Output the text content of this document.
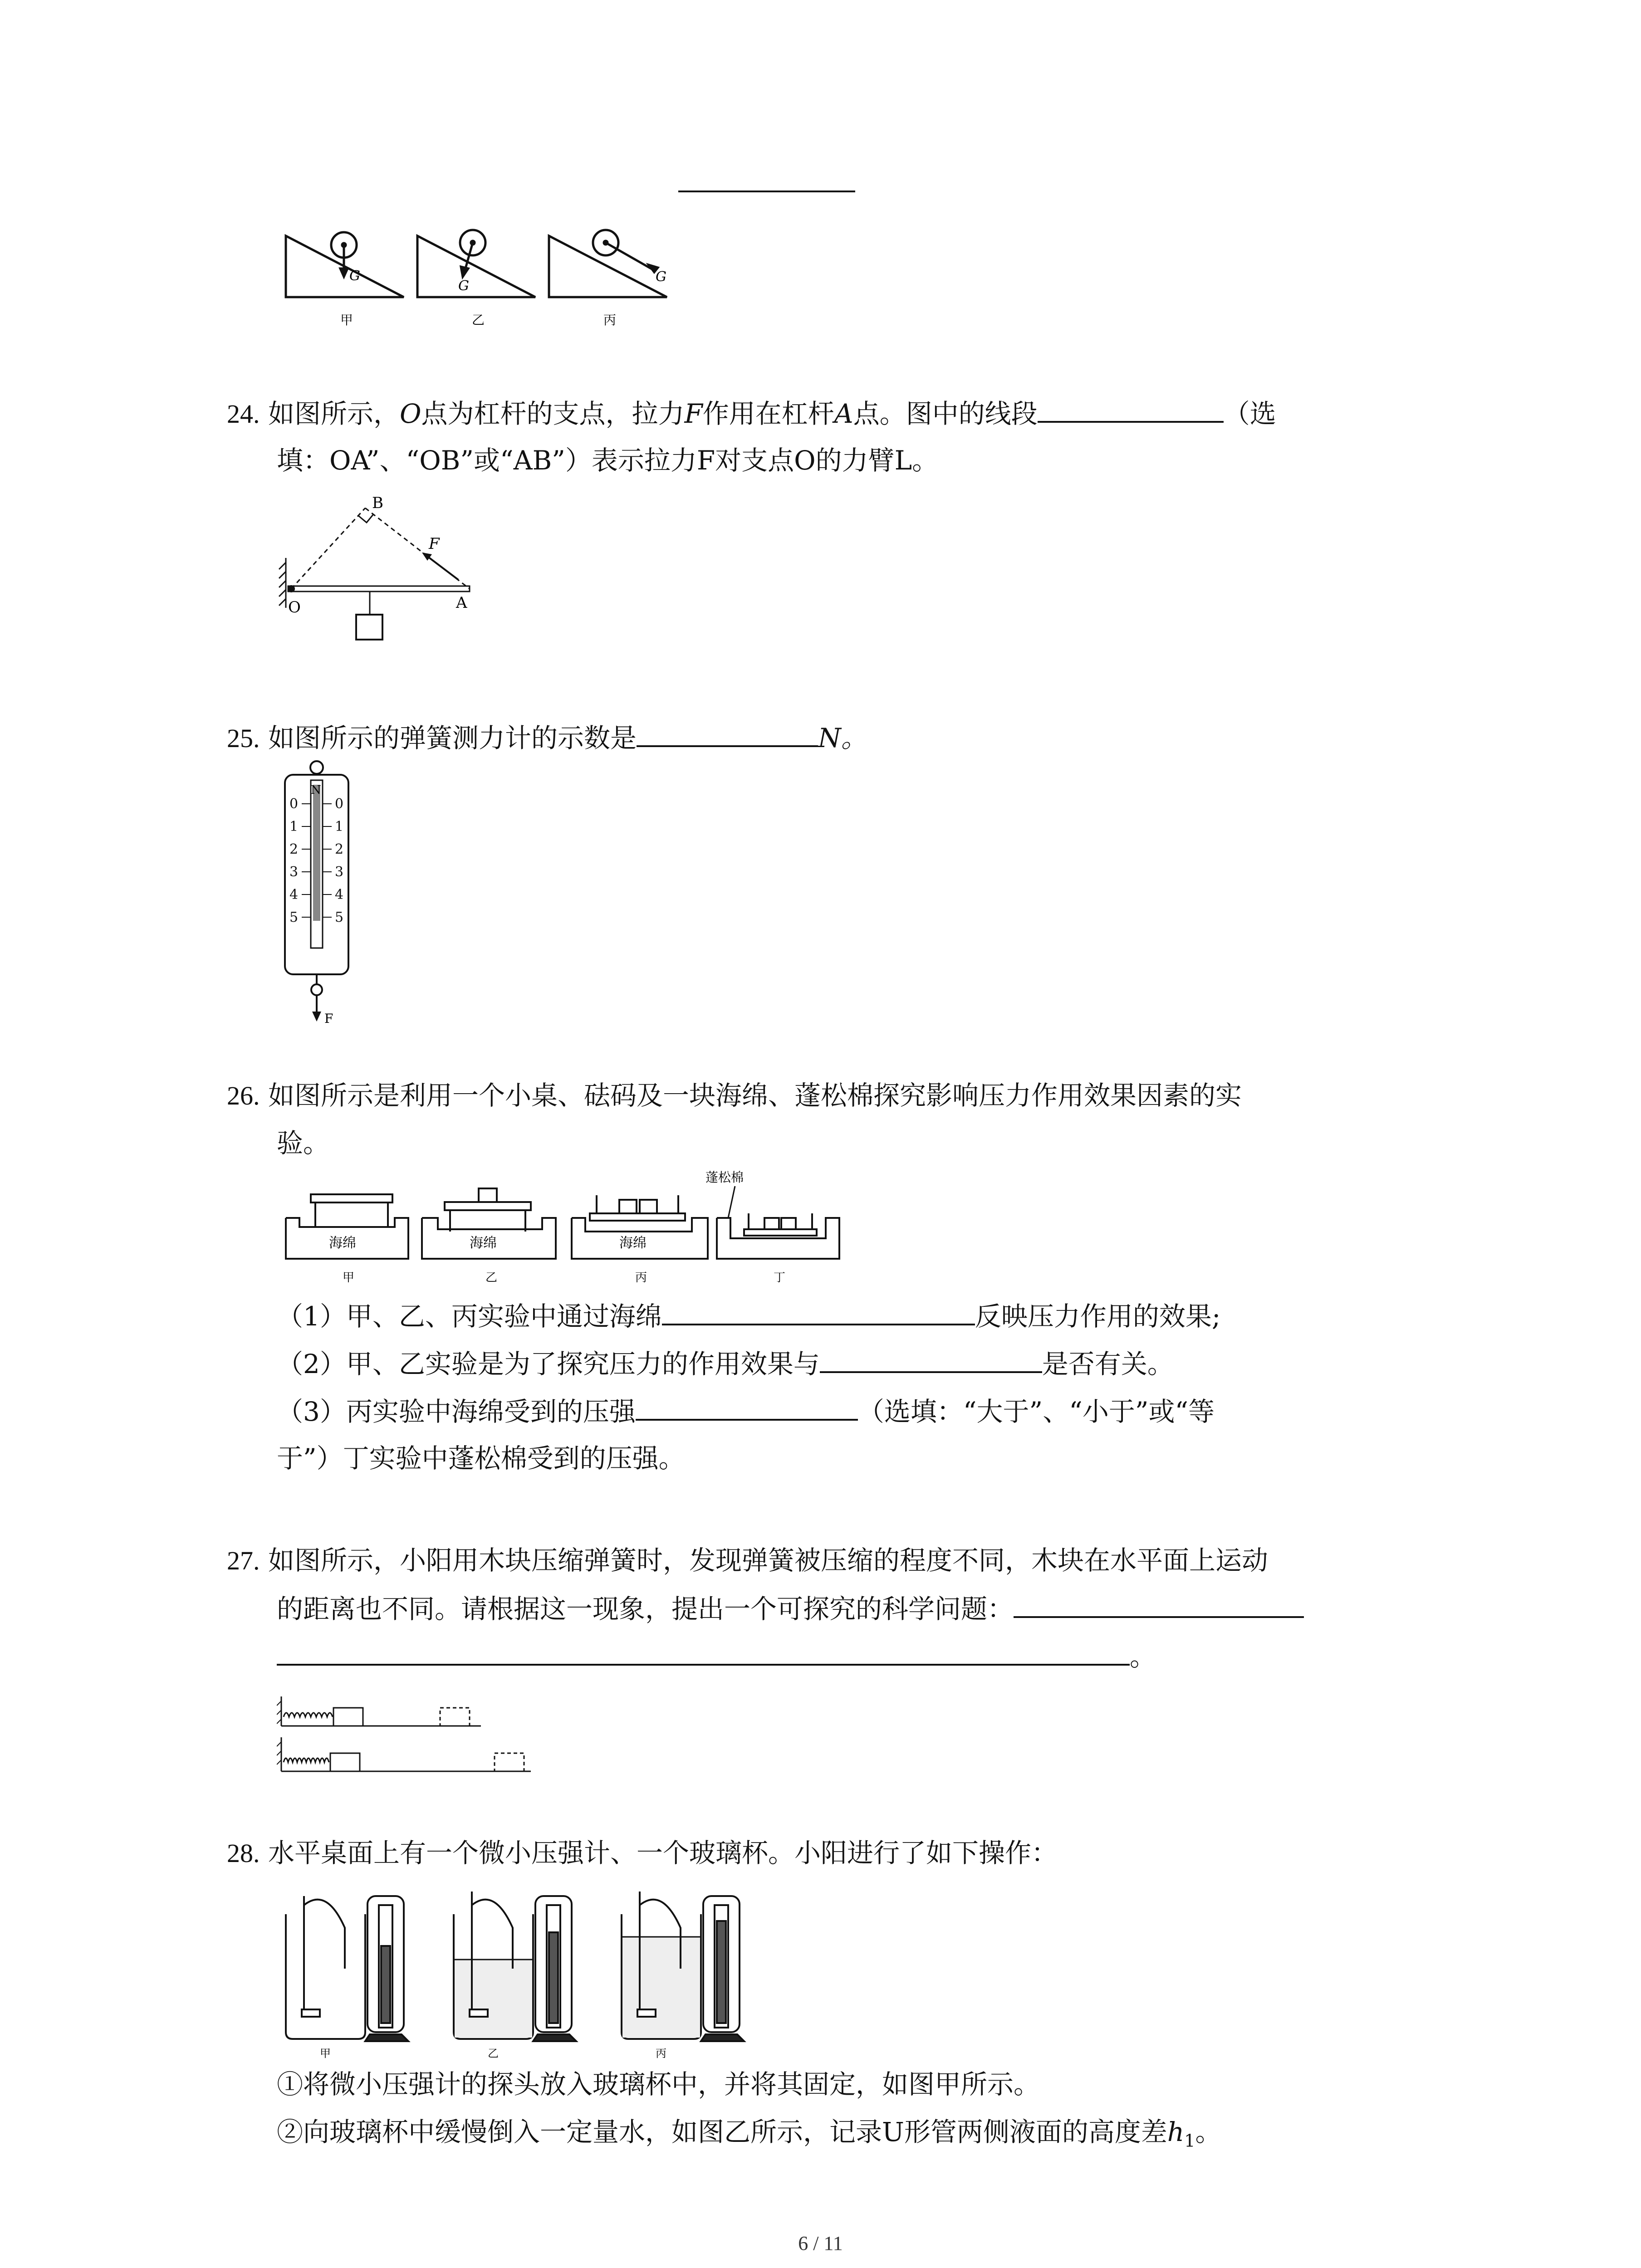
G
甲
G
乙
G
丙
24. 如图所示，O点为杠杆的支点，拉力F作用在杠杆A点。图中的线段	（选
填：OA”、“OB”或“AB”）表示拉力F对支点O的力臂L。
B
F
O	A
25. 如图所示的弹簧测力计的示数是	N。
N
0
1
2
3
4
5
0
1
2
3
4
5
F
26. 如图所示是利用一个小桌、砝码及一块海绵、蓬松棉探究影响压力作用效果因素的实
验。
海绵
甲
海绵
乙
海绵
丙
蓬松棉
丁
（1）甲、乙、丙实验中通过海绵	反映压力作用的效果;
（2）甲、乙实验是为了探究压力的作用效果与	是否有关。
（3）丙实验中海绵受到的压强	（选填：“大于”、“小于”或“等
于”）丁实验中蓬松棉受到的压强。
27. 如图所示，小阳用木块压缩弹簧时，发现弹簧被压缩的程度不同，木块在水平面上运动
的距离也不同。请根据这一现象，提出一个可探究的科学问题：
。
28. 水平桌面上有一个微小压强计、一个玻璃杯。小阳进行了如下操作：
甲	乙	丙
①将微小压强计的探头放入玻璃杯中，并将其固定，如图甲所示。
②向玻璃杯中缓慢倒入一定量水，如图乙所示，记录U形管两侧液面的高度差$h_1$。
6 / 11
